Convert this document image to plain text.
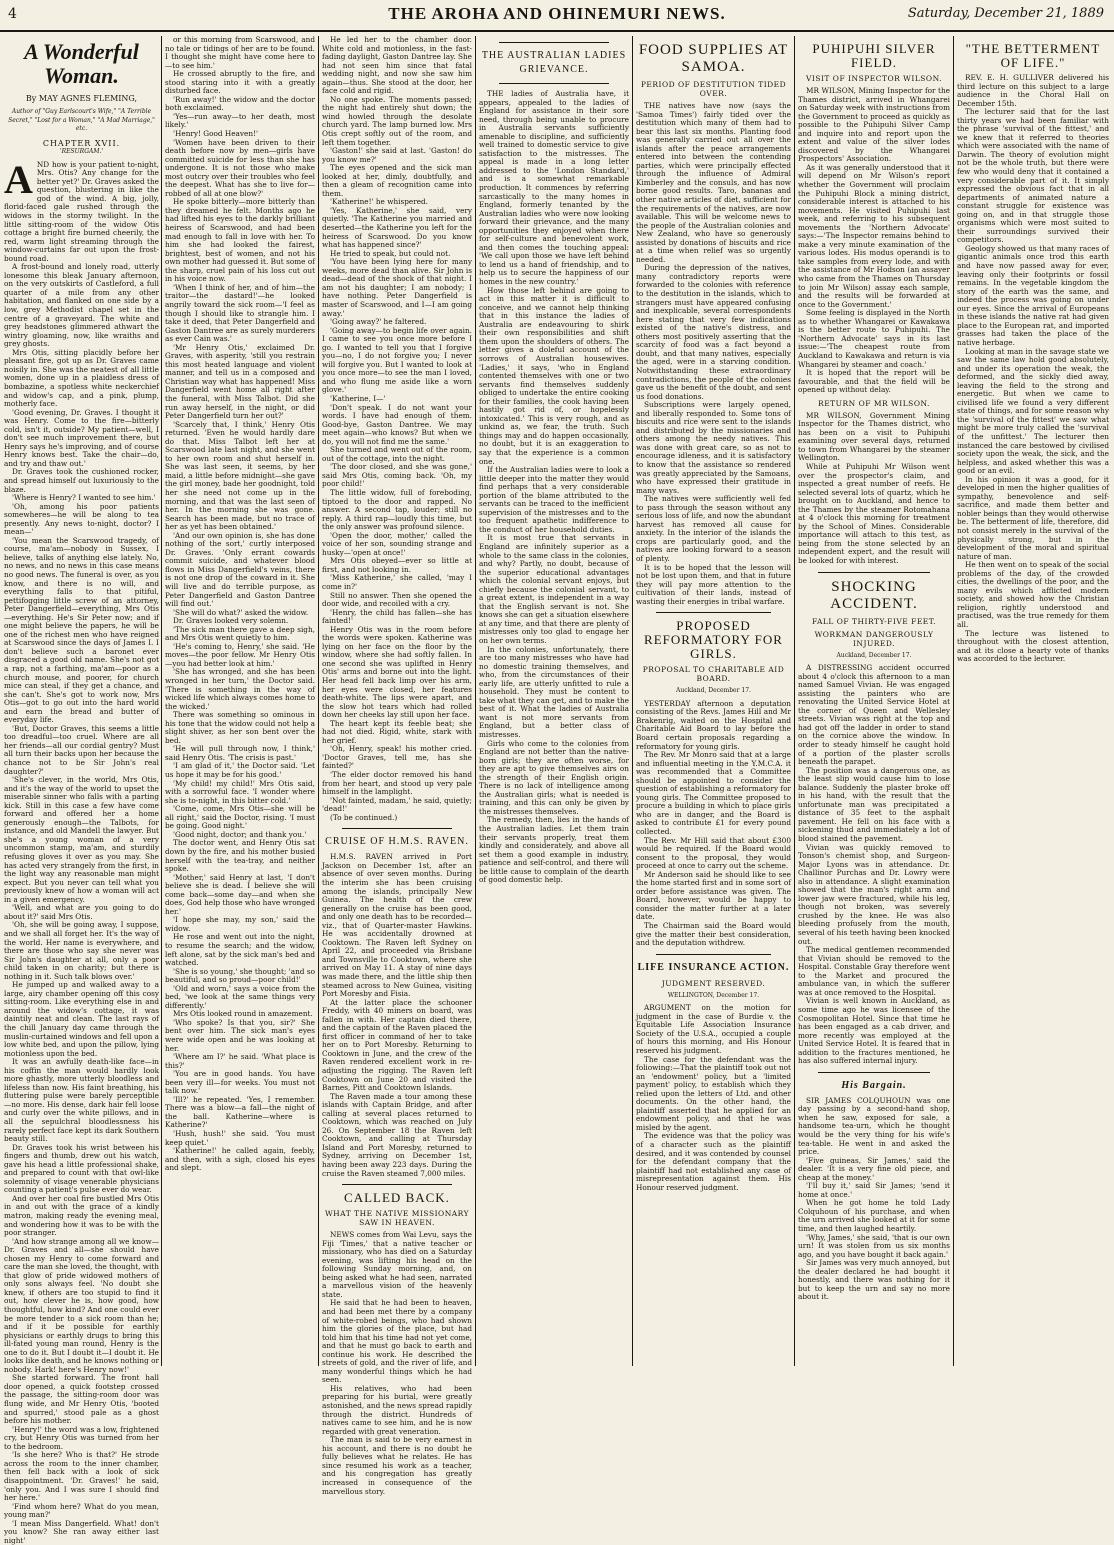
4	THE AROHA AND OHINEMURI NEWS.	Saturday, December 21, 1889
A Wonderful Woman.
By MAY AGNES FLEMING,
Author of "Guy Earlscourt's Wife," "A Terrible Secret," "Lost for a Woman," "A Mad Marriage," etc.
CHAPTER XVII.
'RESURGAM.'
A ND how is your patient to-night, Mrs. Otis? Any change for the better yet?' Dr. Graves asked the question, blustering in like the god of the wind. A big, jolly, florid-faced gale rushed through the widows in the stormy twilight. In the little sitting-room of the widow Otis cottage a bright fire burned cheerily, the red, warm light streaming through the window-curtains far out upon the frost-bound road.

A frost-bound and lonely road, utterly lonesome this bleak January afternoon, on the very outskirts of Castleford, a full quarter of a mile from any other habitation, and flanked on one side by a low, grey Methodist chapel set in the centre of a graveyard. The white and grey headstones glimmered athwart the wintry gloaming, now, like wraiths and grey ghosts.

Mrs Otis, sitting placidly before her pleasant fire, got up as Dr. Graves came noisily in. She was the neatest of all little women, done up in a plaidless dress of bombazine, a spotless white neckerchief and widow's cap, and a pink, plump, motherly face.

'Good evening, Dr. Graves. I thought it was Henry. Come to the fire—bitterly cold, isn't it, outside? My patient—well, I don't see much improvement there, but Henry says he's improving, and of course Henry knows best. Take the chair—do, and try and thaw out.'

Dr. Graves took the cushioned rocker, and spread himself out luxuriously to the blaze.

'Where is Henry? I wanted to see him.'

'Oh, among his poor patients somewheres—he will be along to tea presently. Any news to-night, doctor? I mean—'

'You mean the Scarswood tragedy, of course, ma'am—nobody in Sussex, I believe, talks of anything else lately. No, no news, and no news in this case means no good news. The funeral is over, as you know, and there is no will, and everything falls to that pitiful, pettifogging little screw of an attorney, Peter Dangerfield—everything, Mrs Otis—everything. He's Sir Peter now; and if one might believe the papers, he will be one of the richest men who have reigned at Scarswood since the days of James I. I don't believe such a baronet ever disgraced a good old name. She's not got a rap, not a farthing, ma'am—poor as a church mouse, and poorer, for church mice can steal, if they get a chance, and she can't. She's got to work now, Mrs Otis—got to go out into the hard world and earn the bread and butter of everyday life.

'But, Doctor Graves, this seems a little too dreadful—too cruel. Where are all her friends—all our cordial gentry? Must all turn their backs upon her because the chance not to be Sir John's real daughter?'

'She's clever, in the world, Mrs Otis, and it's the way of the world to upset the miserable sinner who falls with a parting kick. Still in this case a few have come forward and offered her a home generously enough—the Talbots, for instance, and old Mandell the lawyer. But she's a young woman of a very uncommon stamp, ma'am, and sturdily refusing gloves it over as you may. She has acted very strangely from the first, in the light way any reasonable man might expect. But you never can tell what you previously knew of how a woman will act in a given emergency.

'Well, and what are you going to do about it?' said Mrs Otis.

'Oh, she will be going away, I suppose, and we shall all forget her. It's the way of the world. Her name is everywhere, and there are those who say she never was Sir John's daughter at all, only a poor child taken in on charity; but there is nothing in it. Such talk blows over.'

He jumped up and walked away to a large, airy chamber opening off this cosy sitting-room. Like everything else in and around the widow's cottage, it was daintily neat and clean. The last rays of the chill January day came through the muslin-curtained windows and fell upon a low white bed, and upon the pillow, lying motionless upon the bed.

It was an awfully death-like face—in his coffin the man would hardly look more ghastly, more utterly bloodless and lifeless than now. His faint breathing, his fluttering pulse were barely perceptible—no more. His dense, dark hair fell loose and curly over the white pillows, and in all the sepulchral bloodlessness his rarely perfect face kept its dark Southern beauty still.

Dr. Graves took his wrist between his fingers and thumb, drew out his watch, gave his head a little professional shake, and prepared to count with that owl-like solemnity of visage venerable physicians counting a patient's pulse ever do wear.

And over her coal fire bustled Mrs Otis in and out with the grace of a kindly matron, making ready the evening meal, and wondering how it was to be with the poor stranger.

'And how strange among all we know—Dr. Graves and all—she should have chosen my Henry to come forward and care the man she loved, the thought, with that glow of pride widowed mothers of only sons always feel. 'No doubt she knew, if others are too stupid to find it out, how clever he is, how good, how thoughtful, how kind? And one could ever be more tender to a sick room than he; and if it be possible for earthly physicians or earthly drugs to bring this ill-fated young man round, Henry is the one to do it. But I doubt it—I doubt it. He looks like death, and he knows nothing or nobody. Hark! here's Henry now!'

She started forward. The front hall door opened, a quick footstep crossed the passage, the sitting-room door was flung wide, and Mr Henry Otis, 'booted and spurred,' stood pale as a ghost before his mother.

'Henry!' the word was a low, frightened cry, but Henry Otis was turned from her to the bedroom.

'Is she here? Who is that?' He strode across the room to the inner chamber, then fell back with a look of sick disappointment. 'Dr. Graves!' he said, 'only you. And I was sure I should find her here.'

'Find whom here? What do you mean, young man?'

'I mean Miss Dangerfield. What! don't you know? She ran away either last night'

or this morning from Scarswood, and no tale or tidings of her are to be found. I thought she might have come here to—to see him.'

He crossed abruptly to the fire, and stood staring into it with a greatly disturbed face.

'Run away!' the widow and the doctor both exclaimed.

'Yes—run away—to her death, most likely.'

'Henry! Good Heaven!'

'Women have been driven to their death before now by men—girls have committed suicide for less than she has undergone. It is not those who make most outcry over their troubles who feel the deepest. What has she to live for—robbed of all at one blow?'

He spoke bitterly—more bitterly than they dreamed he felt. Months ago he had lifted his eyes to the darkly brilliant heiress of Scarswood, and had been mad enough to fall in love with her. To him she had looked the fairest, brightest, best of women, and not his own mother had guessed it. But some of the sharp, cruel pain of his loss cut out in his voice now.

'When I think of her, and of him—the traitor—the dastard!'—he looked angrily toward the sick room—'I feel as though I should like to strangle him. I take it deed, that Peter Dangerfield and Gaston Dantree are as surely murderers as ever Cain was.'

'Mr Henry Otis,' exclaimed Dr. Graves, with asperity, 'still you restrain this most heated language and violent manner, and tell us in a composed and Christian way what has happened! Miss Dangerfield went home all right after the funeral, with Miss Talbot. Did she run away herself, in the night, or did Peter Dangerfield turn her out?'

'Scarcely that, I think,' Henry Otis returned. 'Even he would hardly dare do that. Miss Talbot left her at Scarswood late last night, and she went to her own room and shut herself in. She was last seen, it seems, by her maid, a little before midnight—she gave the girl money, bade her goodnight, told her she need not come up in the morning, and that was the last seen of her. In the morning she was gone. Search has been made, but no trace of her as yet has been obtained.'

'And our own opinion is, she has done nothing of the sort,' curtly interposed Dr. Graves. 'Only errant cowards commit suicide, and whatever blood flows in Miss Dangerfield's veins, there is not one drop of the coward in it. She will live and do terrible purpose, as Peter Dangerfield and Gaston Dantree will find out.'

'She will do what?' asked the widow.

Dr. Graves looked very solemn.

'The sick man there gave a deep sigh, and Mrs Otis went quietly to him.

'He's coming to, Henry,' she said. 'He moves—the poor fellow. Mr Henry Otis—you had better look at him.'

'She has wronged, and she has been wronged in her turn,' the Doctor said. 'There is something in the way of wicked life which always comes home to the wicked.'

There was something so ominous in his tone that the widow could not help a slight shiver, as her son bent over the bed.

'He will pull through now, I think,' said Henry Otis. 'The crisis is past.'

'I am glad of it,' the Doctor said. 'Let us hope it may be for his good.'

'My child! my child!' Mrs Otis said, with a sorrowful face. 'I wonder where she is to-night, in this bitter cold.'

'Come, come, Mrs Otis—she will be all right,' said the Doctor, rising. 'I must be going. Good night.'

'Good night, doctor; and thank you.'

The doctor went, and Henry Otis sat down by the fire, and his mother busied herself with the tea-tray, and neither spoke.

'Mother,' said Henry at last, 'I don't believe she is dead. I believe she will come back—some day—and when she does, God help those who have wronged her.'

'I hope she may, my son,' said the widow.

He rose and went out into the night, to resume the search; and the widow, left alone, sat by the sick man's bed and watched.

'She is so young,' she thought; 'and so beautiful, and so proud—poor child!'

'Old and worn,' says a voice from the bed, 'we look at the same things very differently.'

Mrs Otis looked round in amazement.

'Who spoke? Is that you, sir?' She bent over him. The sick man's eyes were wide open and he was looking at her.

'Where am I?' he said. 'What place is this?'

'You are in good hands. You have been very ill—for weeks. You must not talk now.'

'Ill?' he repeated. 'Yes, I remember. There was a blow—a fall—the night of the ball. Katherine—where is Katherine?'

'Hush, hush!' she said. 'You must keep quiet.'

'Katherine!' he called again, feebly, and then, with a sigh, closed his eyes and slept.

He led her to the chamber door. White cold and motionless, in the fast-fading daylight, Gaston Dantree lay. She had not seen him since that fatal wedding night, and now she saw him again—thus. She stood at the door, her face cold and rigid.

No one spoke. The moments passed; the night had entirely shut down; the wind howled through the desolate church yard. The lamp burned low. Mrs Otis crept softly out of the room, and left them together.

'Gaston!' she said at last. 'Gaston! do you know me?'

The eyes opened and the sick man looked at her, dimly, doubtfully, and then a gleam of recognition came into them.

'Katherine!' he whispered.

'Yes, Katherine,' she said, very quietly. 'The Katherine you married and deserted—the Katherine you left for the heiress of Scarswood. Do you know what has happened since?'

He tried to speak, but could not.

'You have been lying here for many weeks, more dead than alive. Sir John is dead—dead of the shock of that night. I am not his daughter; I am nobody; I have nothing. Peter Dangerfield is master of Scarswood, and I—I am going away.'

'Going away?' he faltered.

'Going away—to begin life over again. I came to see you once more before I go. I wanted to tell you that I forgive you—no, I do not forgive you; I never will forgive you. But I wanted to look at you once more—to see the man I loved, and who flung me aside like a worn glove.'

'Katherine, I—'

'Don't speak. I do not want your words. I have had enough of them. Good-bye, Gaston Dantree. We may meet again—who knows? But when we do, you will not find me the same.'

She turned and went out of the room, out of the cottage, into the night.

'The door closed, and she was gone,' said Mrs Otis, coming back. 'Oh, my poor child!'

The little widow, full of foreboding, tiptoed to the door and rapped. No answer. A second tap, louder; still no reply. A third rap—loudly this time, but the only answer was profound silence.

'Open the door, mother,' called the voice of her son, sounding strange and husky—'open at once!'

Mrs Otis obeyed—ever so little at first, and not looking in.

'Miss Katherine,' she called, 'may I come in?'

Still no answer. Then she opened the door wide, and recoiled with a cry.

'Henry, the child has fallen—she has fainted!'

Henry Otis was in the room before the words were spoken. Katherine was lying on her face on the floor by the window, where she had softly fallen. In one second she was uplifted in Henry Otis' arms and borne out into the light. Her head fell back limp over his arm, her eyes were closed, her features death-white. The lips were apart, and the slow hot tears which had rolled down her cheeks lay still upon her face.

The heart kept its feeble beat; she had not died. Rigid, white, stark with her grief.

'Oh, Henry, speak! his mother cried. 'Doctor Graves, tell me, has she fainted?'

'The elder doctor removed his hand from her heart, and stood up very pale himself in the lamplight.

'Not fainted, madam,' he said, quietly; 'dead!'

(To be continued.)

CRUISE OF H.M.S. RAVEN.

H.M.S. RAVEN arrived in Port Jackson on December 1st, after an absence of over seven months. During the interim she has been cruising among the islands, principally New Guinea. The health of the crew generally on the cruise has been good, and only one death has to be recorded—viz., that of Quarter-master Hawkins. He was accidentally drowned at Cooktown. The Raven left Sydney on April 22, and proceeded via Brisbane and Townsville to Cooktown, where she arrived on May 11. A stay of nine days was made there, and the little ship then steamed across to New Guinea, visiting Port Moresby and Fisia.

At the latter place the schooner Freddy, with 40 miners on board, was fallen in with. Her captain died there, and the captain of the Raven placed the first officer in command of her to take her on to Port Moresby. Returning to Cooktown in June, and the crew of the Raven rendered excellent work in re-adjusting the rigging. The Raven left Cooktown on June 20 and visited the Barnes, Pitt and Cooktown Islands.

The Raven made a tour among these islands with Captain Bridge, and after calling at several places returned to Cooktown, which was reached on July 26. On September 18 the Raven left Cooktown, and calling at Thursday Island and Port Moresby, returned to Sydney, arriving on December 1st, having been away 223 days. During the cruise the Raven steamed 7,000 miles.

CALLED BACK.
WHAT THE NATIVE MISSIONARY SAW IN HEAVEN.

NEWS comes from Wai Levu, says the Fiji 'Times,' that a native teacher or missionary, who has died on a Saturday evening, was lifting his head on the following Sunday morning, and, on being asked what he had seen, narrated a marvellous vision of the heavenly state.

He said that he had been to heaven, and had been met there by a company of white-robed beings, who had shown him the glories of the place, but had told him that his time had not yet come, and that he must go back to earth and continue his work. He described the streets of gold, and the river of life, and many wonderful things which he had seen.

His relatives, who had been preparing for his burial, were greatly astonished, and the news spread rapidly through the district. Hundreds of natives came to see him, and he is now regarded with great veneration.

The man is said to be very earnest in his account, and there is no doubt he fully believes what he relates. He has since resumed his work as a teacher, and his congregation has greatly increased in consequence of the marvellous story.

THE AUSTRALIAN LADIES GRIEVANCE.

THE ladies of Australia have, it appears, appealed to the ladies of England for assistance in their sore need, through being unable to procure in Australia servants sufficiently amenable to discipline, and sufficiently well trained to domestic service to give satisfaction to the mistresses. The appeal is made in a long letter addressed to the 'London Standard,' and is a somewhat remarkable production. It commences by referring sarcastically to the many homes in England, formerly tenanted by the Australian ladies who were now looking forward their grievance, and the many opportunities they enjoyed when there for self-culture and benevolent work, and then comes the touching appeal: 'We call upon those we have left behind to lend us a hand of friendship, and to help us to secure the happiness of our homes in the new country.'

How those left behind are going to act in this matter it is difficult to conceive, and we cannot help thinking that in this instance the ladies of Australia are endeavouring to shirk their own responsibilities and shift them upon the shoulders of others. The letter gives a doleful account of the sorrows of Australian housewives. 'Ladies,' it says, 'who in England contented themselves with one or two servants find themselves suddenly obliged to undertake the entire cooking for their families, the cook having been hastily got rid of, or hopelessly intoxicated.' This is very rough, and as unkind as, we fear, the truth. Such things may and do happen occasionally, no doubt, but it is an exaggeration to say that the experience is a common one.

If the Australian ladies were to look a little deeper into the matter they would find perhaps that a very considerable portion of the blame attributed to the servants can be traced to the inefficient supervision of the mistresses and to the too frequent apathetic indifference to the conduct of her household duties.

It is most true that servants in England are infinitely superior as a whole to the same class in the colonies, and why? Partly, no doubt, because of the superior educational advantages which the colonial servant enjoys, but chiefly because the colonial servant, to a great extent, is independent in a way that the English servant is not. She knows she can get a situation elsewhere at any time, and that there are plenty of mistresses only too glad to engage her on her own terms.

In the colonies, unfortunately, there are too many mistresses who have had no domestic training themselves, and who, from the circumstances of their early life, are utterly unfitted to rule a household. They must be content to take what they can get, and to make the best of it. What the ladies of Australia want is not more servants from England, but a better class of mistresses.

Girls who come to the colonies from England are not better than the native-born girls; they are often worse, for they are apt to give themselves airs on the strength of their English origin. There is no lack of intelligence among the Australian girls; what is needed is training, and this can only be given by the mistresses themselves.

The remedy, then, lies in the hands of the Australian ladies. Let them train their servants properly, treat them kindly and considerately, and above all set them a good example in industry, patience and self-control, and there will be little cause to complain of the dearth of good domestic help.

FOOD SUPPLIES AT SAMOA.
PERIOD OF DESTITUTION TIDED OVER.

THE natives have now (says the 'Samoa Times') fairly tided over the destitution which many of them had to bear this last six months. Planting food was generally carried out all over the islands after the peace arrangements entered into between the contending parties, which were principally effected through the influence of Admiral Kimberley and the consuls, and has now borne good results. Taro, bananas and other native articles of diet, sufficient for the requirements of the natives, are now available. This will be welcome news to the people of the Australian colonies and New Zealand, who have so generously assisted by donations of biscuits and rice at a time when relief was so urgently needed.

During the depression of the natives, many contradictory reports were forwarded to the colonies with reference to the destitution in the islands, which to strangers must have appeared confusing and inexplicable, several correspondents here stating that very few indications existed of the native's distress, and others most positively asserting that the scarcity of food was a fact beyond a doubt, and that many natives, especially the aged, were in a starving condition. Notwithstanding these extraordinary contradictions, the people of the colonies gave us the benefit of the doubt, and sent us food donations.

Subscriptions were largely opened, and liberally responded to. Some tons of biscuits and rice were sent to the islands and distributed by the missionaries and others among the needy natives. This was done with great care, so as not to encourage idleness, and it is satisfactory to know that the assistance so rendered was greatly appreciated by the Samoans, who have expressed their gratitude in many ways.

The natives were sufficiently well fed to pass through the season without any serious loss of life, and now the abundant harvest has removed all cause for anxiety. In the interior of the islands the crops are particularly good, and the natives are looking forward to a season of plenty.

It is to be hoped that the lesson will not be lost upon them, and that in future they will pay more attention to the cultivation of their lands, instead of wasting their energies in tribal warfare.

PROPOSED REFORMATORY FOR GIRLS.
PROPOSAL TO CHARITABLE AID BOARD.
Auckland, December 17.

YESTERDAY afternoon a deputation consisting of the Revs. James Hill and Mr Brakenrig, waited on the Hospital and Charitable Aid Board to lay before the Board certain proposals regarding a reformatory for young girls.

The Rev. Mr Monro said that at a large and influential meeting in the Y.M.C.A. it was recommended that a Committee should be appointed to consider the question of establishing a reformatory for young girls. The Committee proposed to procure a building in which to place girls who are in danger, and the Board is asked to contribute £1 for every pound collected.

The Rev. Mr Hill said that about £300 would be required. If the Board would consent to the proposal, they would proceed at once to carry out the scheme.

Mr Anderson said he should like to see the home started first and in some sort of order before assistance was given. The Board, however, would be happy to consider the matter further at a later date.

The Chairman said the Board would give the matter their best consideration, and the deputation withdrew.

LIFE INSURANCE ACTION.
JUDGMENT RESERVED.
WELLINGTON, December 17.

ARGUMENT on the motion for judgment in the case of Burdie v. the Equitable Life Association Insurance Society of the U.S.A., occupied a couple of hours this morning, and His Honour reserved his judgment.

The case for the defendant was the foliowing:—That the plaintiff took out not an 'endowment' policy, but a 'limited payment' policy, to establish which they relied upon the letters of Ltd. and other documents. On the other hand, the plaintiff asserted that he applied for an endowment policy, and that he was misled by the agent.

The evidence was that the policy was of a character such as the plaintiff desired, and it was contended by counsel for the defendant company that the plaintiff had not established any case of misrepresentation against them. His Honour reserved judgment.

PUHIPUHI SILVER FIELD.
VISIT OF INSPECTOR WILSON.

MR WILSON, Mining Inspector for the Thames district, arrived in Whangarei on Saturday week with instructions from the Government to proceed as quickly as possible to the Puhipuhi Silver Camp and inquire into and report upon the extent and value of the silver lodes discovered by the Whangarei Prospectors' Association.

As it was generally understood that it will depend on Mr Wilson's report whether the Government will proclaim the Puhipuhi Block a mining district, considerable interest is attached to his movements. He visited Puhipuhi last week, and referring to his subsequent movements the 'Northern Advocate' says:—'The Inspector remains behind to make a very minute examination of the various lodes. His modus operandi is to take samples from every lode, and with the assistance of Mr Hodson (an assayer who came from the Thames on Thursday to join Mr Wilson) assay each sample, and the results will be forwarded at once to the Government.'

Some feeling is displayed in the North as to whether Whangarei or Kawakawa is the better route to Puhipuhi. The 'Northern Advocate' says in its last issue:—'The cheapest route from Auckland to Kawakawa and return is via Whangarei by steamer and coach.'

It is hoped that the report will be favourable, and that the field will be opened up without delay.

RETURN OF MR WILSON.

MR WILSON, Government Mining Inspector for the Thames district, who has been on a visit to Puhipuhi examining over several days, returned to town from Whangarei by the steamer Wellington.

While at Puhipuhi Mr Wilson went over the prospector's claim, and inspected a great number of reefs. He selected several lots of quartz, which he brought on to Auckland, and hence to the Thames by the steamer Rotomahana at 4 o'clock this morning for treatment by the School of Mines. Considerable importance will attach to this test, as being from the stone selected by an independent expert, and the result will be looked for with interest.

SHOCKING ACCIDENT.
FALL OF THIRTY-FIVE FEET.
WORKMAN DANGEROUSLY INJURED.
Auckland, December 17.

A DISTRESSING accident occurred about 4 o'clock this afternoon to a man named Samuel Vivian. He was engaged assisting the painters who are renovating the United Service Hotel at the corner of Queen and Wellesley streets. Vivian was right at the top and had got off the ladder in order to stand on the cornice above the window. In order to steady himself he caught hold of a portion of the plaster scrolls beneath the parapet.

The position was a dangerous one, as the least slip would cause him to lose balance. Suddenly the plaster broke off in his hand, with the result that the unfortunate man was precipitated a distance of 35 feet to the asphalt pavement. He fell on his face with a sickening thud and immediately a lot of blood stained the pavement.

Vivian was quickly removed to Tonson's chemist shop, and Surgeon-Major Lyons was in attendance. Dr. Challinor Purchas and Dr. Lowry were also in attendance. A slight examination showed that the man's right arm and lower jaw were fractured, while his leg, though not broken, was severely crushed by the knee. He was also bleeding profusely from the mouth, several of his teeth having been knocked out.

The medical gentlemen recommended that Vivian should be removed to the Hospital. Constable Gray therefore went to the Market and procured the ambulance van, in which the sufferer was at once removed to the Hospital.

Vivian is well known in Auckland, as some time ago he was licensee of the Cosmopolitan Hotel. Since that time he has been engaged as a cab driver, and more recently was employed at the United Service Hotel. It is feared that in addition to the fractures mentioned, he has also suffered internal injury.

His Bargain.

SIR JAMES COLQUHOUN was one day passing by a second-hand shop, when he saw, exposed for sale, a handsome tea-urn, which he thought would be the very thing for his wife's tea-table. He went in and asked the price.

'Five guineas, Sir James,' said the dealer. 'It is a very fine old piece, and cheap at the money.'

'I'll buy it,' said Sir James; 'send it home at once.'

When he got home he told Lady Colquhoun of his purchase, and when the urn arrived she looked at it for some time, and then laughed heartily.

'Why, James,' she said, 'that is our own urn! It was stolen from us six months ago, and you have bought it back again.'

Sir James was very much annoyed, but the dealer declared he had bought it honestly, and there was nothing for it but to keep the urn and say no more about it.

"THE BETTERMENT OF LIFE."

REV. E. H. GULLIVER delivered his third lecture on this subject to a large audience in the Choral Hall on December 15th.

The lecturer said that for the last thirty years we had been familiar with the phrase 'survival of the fittest,' and we knew that it referred to theories which were associated with the name of Darwin. The theory of evolution might not be the whole truth, but there were few who would deny that it contained a very considerable part of it. It simply expressed the obvious fact that in all departments of animated nature a constant struggle for existence was going on, and in that struggle those organisms which were most suited to their surroundings survived their competitors.

Geology showed us that many races of gigantic animals once trod this earth and have now passed away for ever, leaving only their footprints or fossil remains. In the vegetable kingdom the story of the earth was the same, and indeed the process was going on under our eyes. Since the arrival of Europeans in these islands the native rat had given place to the European rat, and imported grasses had taken the place of the native herbage.

Looking at man in the savage state we saw the same law hold good absolutely, and under its operation the weak, the deformed, and the sickly died away, leaving the field to the strong and energetic. But when we came to civilised life we found a very different state of things, and for some reason why the 'survival of the fittest' we saw what might be more truly called the 'survival of the unfittest.' The lecturer then instanced the care bestowed by civilised society upon the weak, the sick, and the helpless, and asked whether this was a good or an evil.

In his opinion it was a good, for it developed in men the higher qualities of sympathy, benevolence and self-sacrifice, and made them better and nobler beings than they would otherwise be. The betterment of life, therefore, did not consist merely in the survival of the physically strong, but in the development of the moral and spiritual nature of man.

He then went on to speak of the social problems of the day, of the crowded cities, the dwellings of the poor, and the many evils which afflicted modern society, and showed how the Christian religion, rightly understood and practised, was the true remedy for them all.

The lecture was listened to throughout with the closest attention, and at its close a hearty vote of thanks was accorded to the lecturer.
